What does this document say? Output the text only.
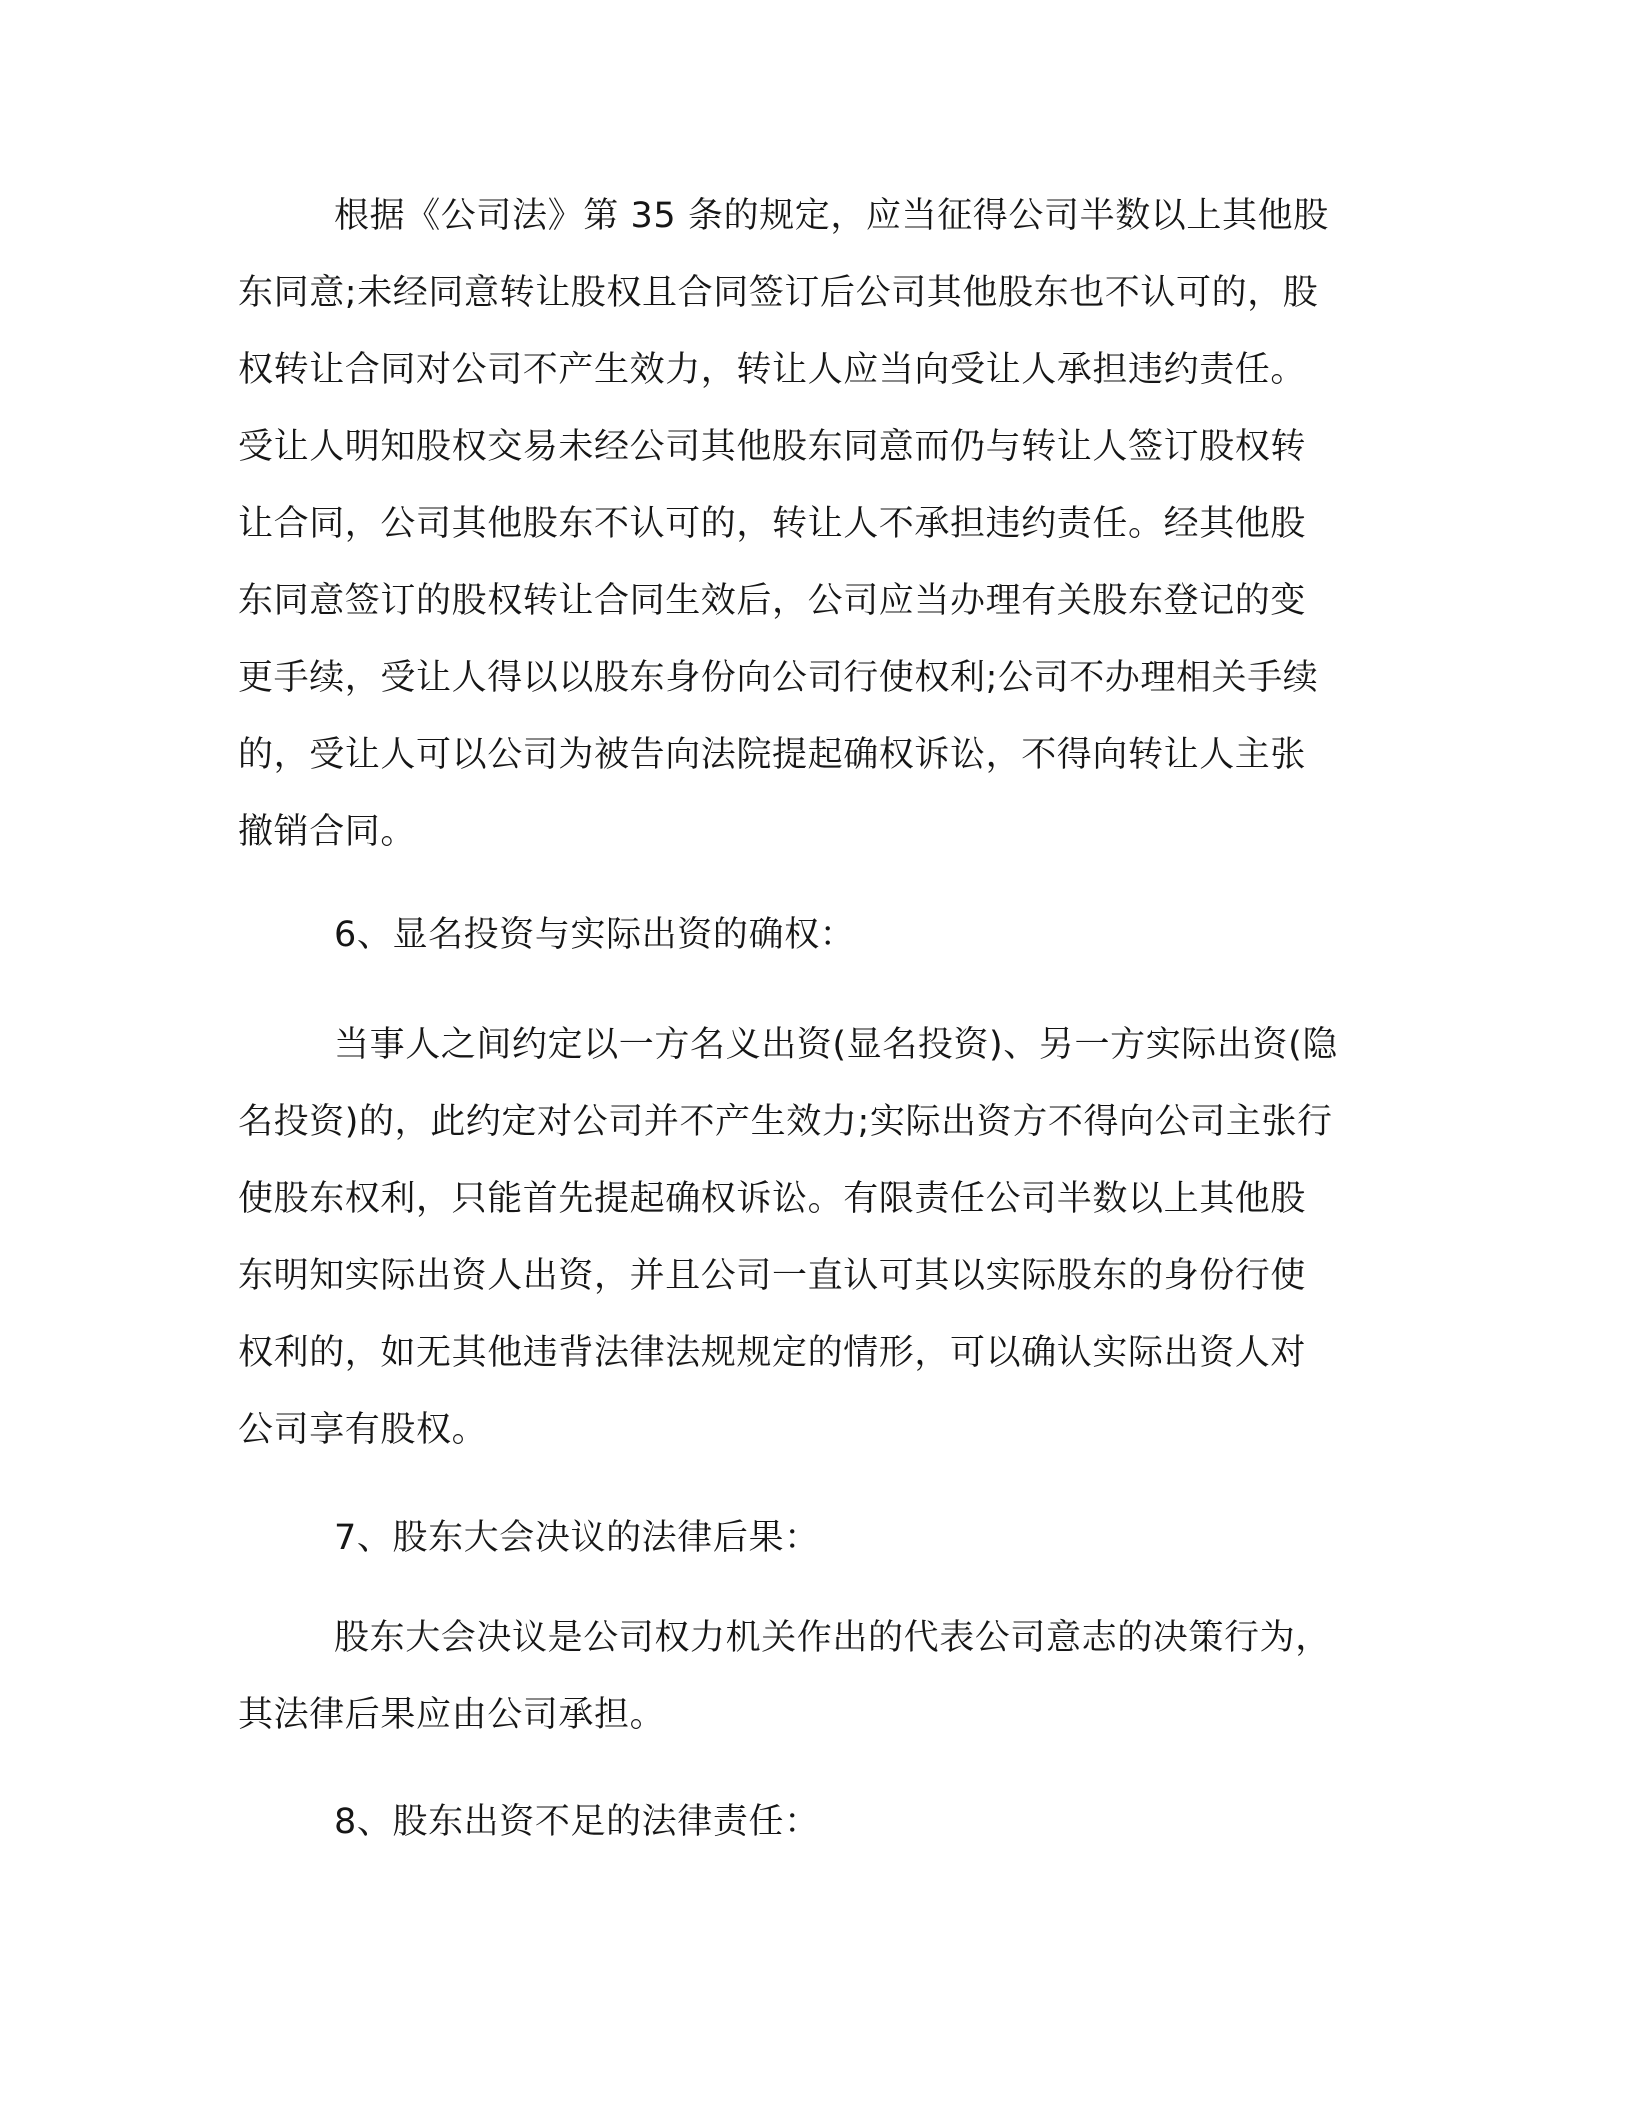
根据《公司法》第 35 条的规定，应当征得公司半数以上其他股
东同意;未经同意转让股权且合同签订后公司其他股东也不认可的，股
权转让合同对公司不产生效力，转让人应当向受让人承担违约责任。
受让人明知股权交易未经公司其他股东同意而仍与转让人签订股权转
让合同，公司其他股东不认可的，转让人不承担违约责任。经其他股
东同意签订的股权转让合同生效后，公司应当办理有关股东登记的变
更手续，受让人得以以股东身份向公司行使权利;公司不办理相关手续
的，受让人可以公司为被告向法院提起确权诉讼，不得向转让人主张
撤销合同。
6、显名投资与实际出资的确权：
当事人之间约定以一方名义出资(显名投资)、另一方实际出资(隐
名投资)的，此约定对公司并不产生效力;实际出资方不得向公司主张行
使股东权利，只能首先提起确权诉讼。有限责任公司半数以上其他股
东明知实际出资人出资，并且公司一直认可其以实际股东的身份行使
权利的，如无其他违背法律法规规定的情形，可以确认实际出资人对
公司享有股权。
7、股东大会决议的法律后果：
股东大会决议是公司权力机关作出的代表公司意志的决策行为，
其法律后果应由公司承担。
8、股东出资不足的法律责任：
